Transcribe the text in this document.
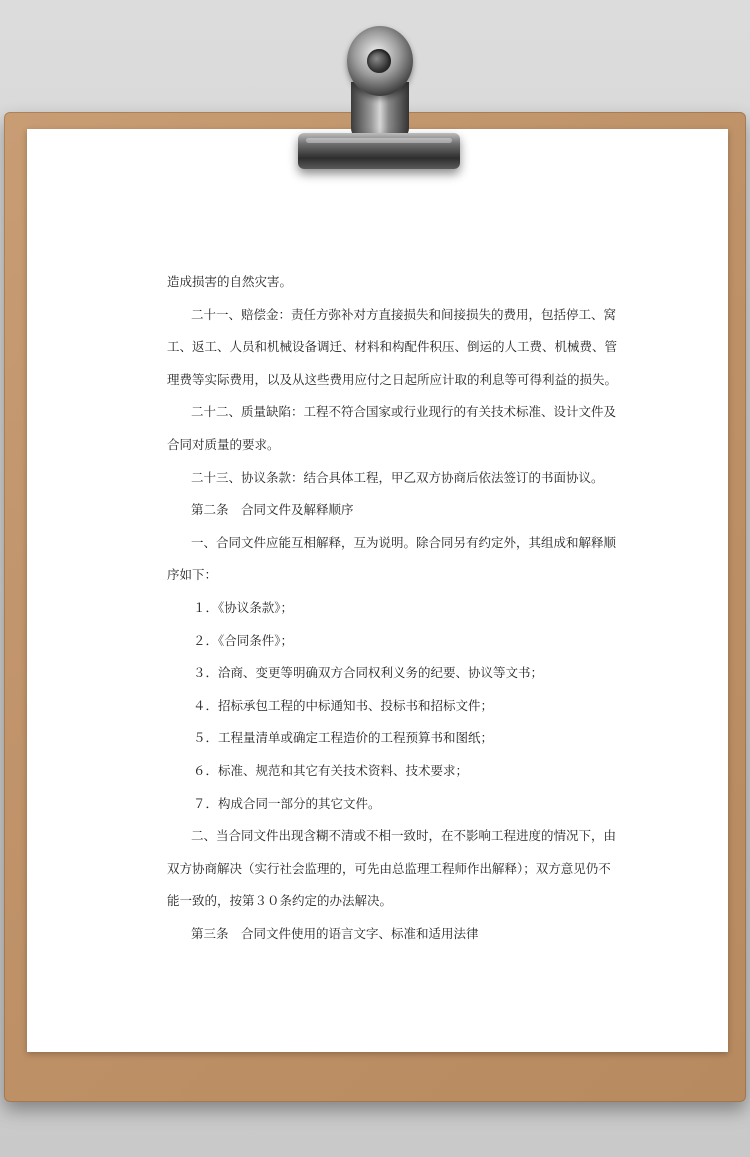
造成损害的自然灾害。

二十一、赔偿金：责任方弥补对方直接损失和间接损失的费用，包括停工、窝

工、返工、人员和机械设备调迁、材料和构配件积压、倒运的人工费、机械费、管

理费等实际费用，以及从这些费用应付之日起所应计取的利息等可得利益的损失。

二十二、质量缺陷：工程不符合国家或行业现行的有关技术标准、设计文件及

合同对质量的要求。

二十三、协议条款：结合具体工程，甲乙双方协商后依法签订的书面协议。

第二条　合同文件及解释顺序

一、合同文件应能互相解释，互为说明。除合同另有约定外，其组成和解释顺

序如下：

１．《协议条款》；

２．《合同条件》；

３．洽商、变更等明确双方合同权利义务的纪要、协议等文书；

４．招标承包工程的中标通知书、投标书和招标文件；

５．工程量清单或确定工程造价的工程预算书和图纸；

６．标准、规范和其它有关技术资料、技术要求；

７．构成合同一部分的其它文件。

二、当合同文件出现含糊不清或不相一致时，在不影响工程进度的情况下，由

双方协商解决（实行社会监理的，可先由总监理工程师作出解释）；双方意见仍不

能一致的，按第３０条约定的办法解决。

第三条　合同文件使用的语言文字、标准和适用法律
